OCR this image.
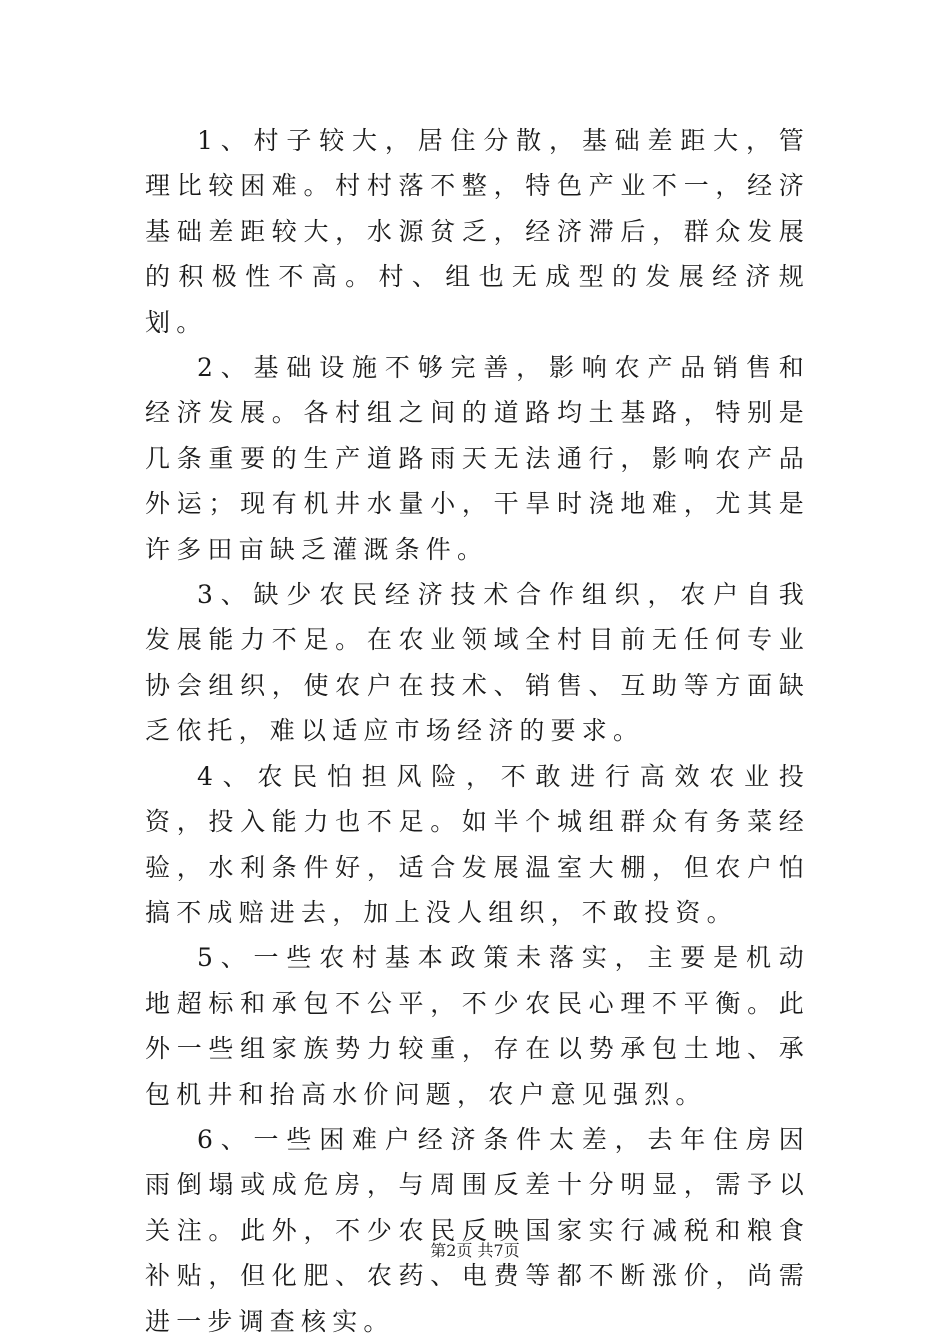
1、村子较大，居住分散，基础差距大，管理比较困难。村村落不整，特色产业不一，经济基础差距较大，水源贫乏，经济滞后，群众发展的积极性不高。村、组也无成型的发展经济规划。

2、基础设施不够完善，影响农产品销售和经济发展。各村组之间的道路均土基路，特别是几条重要的生产道路雨天无法通行，影响农产品外运；现有机井水量小，干旱时浇地难，尤其是许多田亩缺乏灌溉条件。

3、缺少农民经济技术合作组织，农户自我发展能力不足。在农业领域全村目前无任何专业协会组织，使农户在技术、销售、互助等方面缺乏依托，难以适应市场经济的要求。

4、农民怕担风险，不敢进行高效农业投资，投入能力也不足。如半个城组群众有务菜经验，水利条件好，适合发展温室大棚，但农户怕搞不成赔进去，加上没人组织，不敢投资。

5、一些农村基本政策未落实，主要是机动地超标和承包不公平，不少农民心理不平衡。此外一些组家族势力较重，存在以势承包土地、承包机井和抬高水价问题，农户意见强烈。

6、一些困难户经济条件太差，去年住房因雨倒塌或成危房，与周围反差十分明显，需予以关注。此外，不少农民反映国家实行减税和粮食补贴，但化肥、农药、电费等都不断涨价，尚需进一步调查核实。

第2页 共7页
